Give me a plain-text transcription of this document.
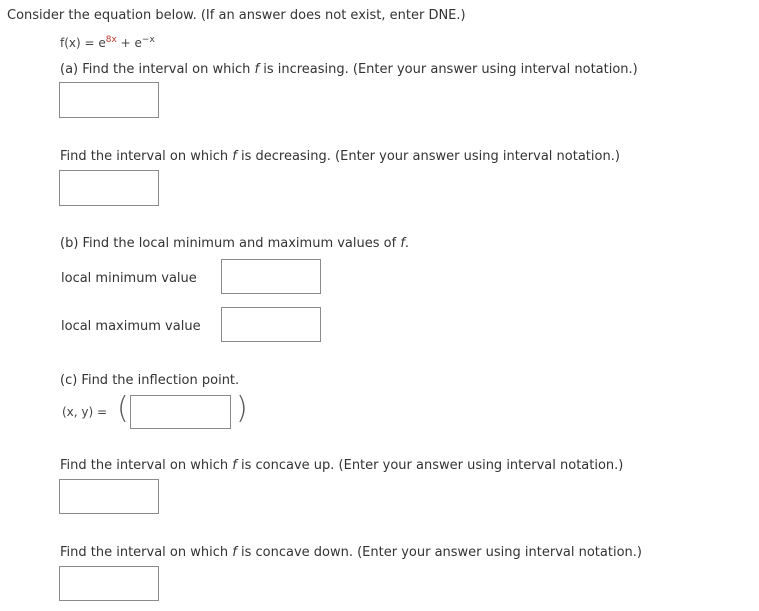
Consider the equation below. (If an answer does not exist, enter DNE.)
$f(x) = e^{8x} + e^{-x}$
(a) Find the interval on which f is increasing. (Enter your answer using interval notation.)
Find the interval on which f is decreasing. (Enter your answer using interval notation.)
(b) Find the local minimum and maximum values of f.
local minimum value
local maximum value
(c) Find the inflection point.
(x, y) = (	)
Find the interval on which f is concave up. (Enter your answer using interval notation.)
Find the interval on which f is concave down. (Enter your answer using interval notation.)
